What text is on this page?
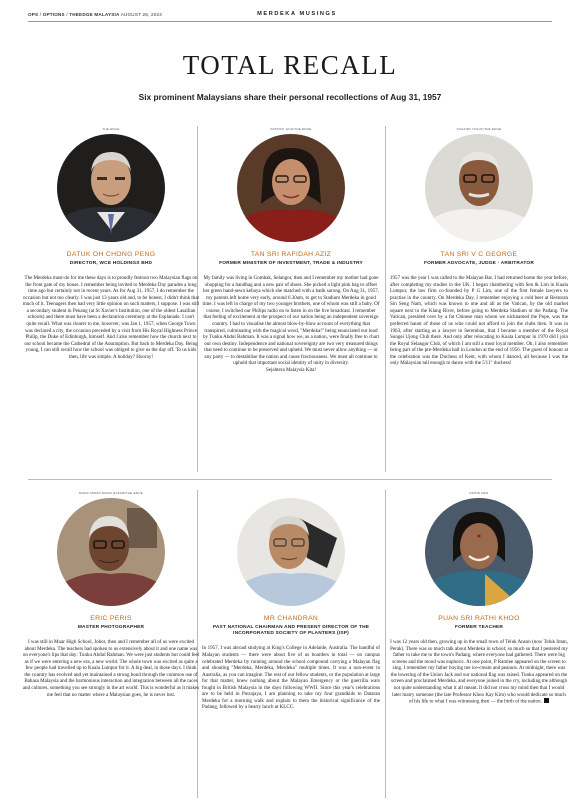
OPS / OPTIONS / THEEDGE MALAYSIA AUGUST 26, 2024	MERDEKA MUSINGS
TOTAL RECALL
Six prominent Malaysians share their personal recollections of Aug 31, 1957
THE EDGE
DATUK OH CHONG PENG
DIRECTOR, WCE HOLDINGS BHD
The Merdeka must-do for me these days is to proudly festoon two Malaysian flags on the front gate of my house. I remember being invited to Merdeka Day parades a long time ago but certainly not in recent years. As for Aug 31, 1957, I do remember the occasion but not too clearly. I was just 13 years old and, to be honest, I didn't think that much of it. Teenagers then had very little opinion on such matters, I suppose. I was still a secondary student in Penang (at St Xavier's Institution, one of the oldest Lasallian schools) and there must have been a declaration ceremony at the Esplanade. I can't quite recall. What was clearer to me, however, was Jan 1, 1957, when George Town was declared a city, the occasion preceded by a visit from His Royal Highness Prince Philip, the Duke of Edinburgh, himself. And I also remember how the church next to our school became the Cathedral of the Assumption. But back to Merdeka Day. Being young, I can still recall how the school was obliged to give us the day off. To us kids then, life was simple. A holiday? Hooray!
PATRICK GOH/THE EDGE
TAN SRI RAFIDAH AZIZ
FORMER MINISTER OF INVESTMENT, TRADE & INDUSTRY
My family was living in Gombak, Selangor, then and I remember my mother had gone shopping for a handbag and a new pair of shoes. She picked a light pink bag to offset her green hand-sewn kebaya which she matched with a batik sarong. On Aug 31, 1957, my parents left home very early, around 6.30am, to get to Stadium Merdeka in good time. I was left in charge of my two younger brothers, one of whom was still a baby. Of course, I switched our Philips radio on to listen in on the live broadcast. I remember that feeling of excitement at the prospect of our nation being an independent sovereign country. I had to visualise the almost blow-by-blow account of everything that transpired, culminating with the magical word, "Merdeka!" being enunciated out loud by Tunku Abdul Rahman. It was a signal how we, as a nation, were finally free to chart our own destiny. Independence and national sovereignty are two very treasured things that need to continue to be preserved and upheld. We must never allow anything — or any party — to destabilise the nation and cause fractiousness. We must all continue to uphold that important social identity of unity in diversity.
Sejahtera Malaysia Kita!
SUHAIMI YUSUF/THE EDGE
TAN SRI V C GEORGE
FORMER ADVOCATE, JUDGE · ARBITRATOR
1957 was the year I was called to the Malayan Bar. I had returned home the year before, after completing my studies in the UK. I began chambering with Sen & Lim in Kuala Lumpur, the law firm co-founded by P G Lim, one of the first female lawyers to practise in the country. On Merdeka Day, I remember enjoying a cold beer at Restoran Sin Seng Nam, which was known to one and all as the Vatican, by the old market square next to the Klang River, before going to Merdeka Stadium or the Padang. The Vatican, presided over by a fat Chinese man whom we nicknamed the Pope, was the preferred haunt of those of us who could not afford to join the clubs then. It was in 1963, after starting as a lawyer in Seremban, that I became a member of the Royal Sungei Ujong Club there. And only after relocating to Kuala Lumpur in 1970 did I join the Royal Selangor Club, of which I am still a most loyal member. Oh, I also remember being part of the pre-Merdeka ball in London at the end of 1956. The guest of honour at the celebration was the Duchess of Kent, with whom I danced, all because I was the only Malaysian tall enough to dance with the 5'11" duchess!
MOHD IZWAN MOHD NAZAM/THE EDGE
ERIC PERIS
MASTER PHOTOGRAPHER
I was still in Muar High School, Johor, then and I remember all of us were excited about Merdeka. The teachers had spoken to us extensively about it and one name was on everyone's lips that day: Tunku Abdul Rahman. We were just students but could feel as if we were entering a new era, a new world. The whole town was excited as quite a few people had travelled up to Kuala Lumpur for it. A big deal, in those days. I think the country has evolved and yet maintained a strong bond through the common use of Bahasa Malaysia and the harmonious interaction and integration between all the races and cultures, something you see strongly in the art world. This is wonderful as it makes me feel that no matter where a Malaysian goes, he is never lost.
MR CHANDRAN
PAST NATIONAL CHAIRMAN AND PRESENT DIRECTOR OF THE INCORPORATED SOCIETY OF PLANTERS (ISP)
In 1957, I was abroad studying at King's College in Adelaide, Australia. The handful of Malayan students — there were about five of us boarders in total — on campus celebrated Merdeka by running around the school compound carrying a Malayan flag and shouting "Merdeka, Merdeka, Merdeka" multiple times. It was a non-event in Australia, as you can imagine. The rest of our fellow students, or the population at large for that matter, knew nothing about the Malayan Emergency or the guerrilla wars fought in British Malaysia in the days following WWII. Since this year's celebrations are to be held in Putrajaya, I am planning to take my four grandkids to Dataran Merdeka for a morning walk and explain to them the historical significance of the Padang, followed by a hearty lunch at KLCC.
ROBIN NEO
PUAN SRI RATHI KHOO
FORMER TEACHER
I was 12 years old then, growing up in the small town of Teluk Anson (now Teluk Intan, Perak). There was so much talk about Merdeka in school; so much so that I pestered my father to take me to the town's Padang, where everyone had gathered. There were big screens and the mood was euphoric. At one point, P Ramlee appeared on the screen to sing. I remember my father buying me ice-cream and peanuts. At midnight, there was the lowering of the Union Jack and our national flag was raised. Tunku appeared on the screen and proclaimed Merdeka, and everyone joined in the cry, including me although not quite understanding what it all meant. It did not cross my mind then that I would later marry someone (the late Professor Khoo Kay Kim) who would dedicate so much of his life to what I was witnessing then — the birth of the nation.
